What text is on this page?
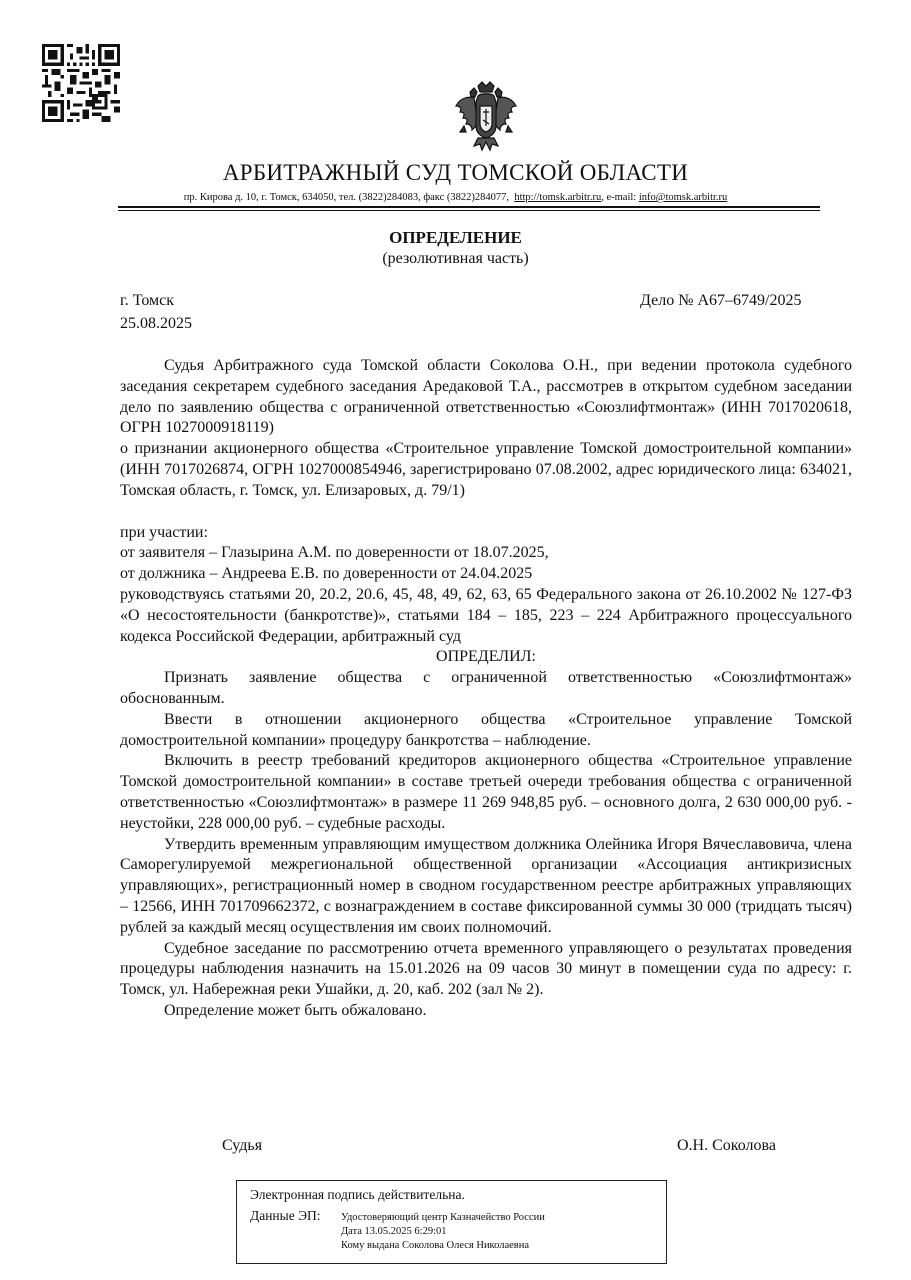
АРБИТРАЖНЫЙ СУД ТОМСКОЙ ОБЛАСТИ
пр. Кирова д. 10, г. Томск, 634050, тел. (3822)284083, факс (3822)284077, http://tomsk.arbitr.ru, e-mail: info@tomsk.arbitr.ru
ОПРЕДЕЛЕНИЕ
(резолютивная часть)
г. Томск
25.08.2025
Дело № А67–6749/2025

Судья Арбитражного суда Томской области Соколова О.Н., при ведении протокола судебного заседания секретарем судебного заседания Аредаковой Т.А., рассмотрев в открытом судебном заседании дело по заявлению общества с ограниченной ответственностью «Союзлифтмонтаж» (ИНН 7017020618, ОГРН 1027000918119)

о признании акционерного общества «Строительное управление Томской домостроительной компании» (ИНН 7017026874, ОГРН 1027000854946, зарегистрировано 07.08.2002, адрес юридического лица: 634021, Томская область, г. Томск, ул. Елизаровых, д. 79/1)

при участии:

от заявителя – Глазырина А.М. по доверенности от 18.07.2025,

от должника – Андреева Е.В. по доверенности от 24.04.2025

руководствуясь статьями 20, 20.2, 20.6, 45, 48, 49, 62, 63, 65 Федерального закона от 26.10.2002 № 127-ФЗ «О несостоятельности (банкротстве)», статьями 184 – 185, 223 – 224 Арбитражного процессуального кодекса Российской Федерации, арбитражный суд

ОПРЕДЕЛИЛ:

Признать заявление общества с ограниченной ответственностью «Союзлифтмонтаж» обоснованным.

Ввести в отношении акционерного общества «Строительное управление Томской домостроительной компании» процедуру банкротства – наблюдение.

Включить в реестр требований кредиторов акционерного общества «Строительное управление Томской домостроительной компании» в составе третьей очереди требования общества с ограниченной ответственностью «Союзлифтмонтаж» в размере 11 269 948,85 руб. – основного долга, 2 630 000,00 руб. - неустойки, 228 000,00 руб. – судебные расходы.

Утвердить временным управляющим имуществом должника Олейника Игоря Вячеславовича, члена Саморегулируемой межрегиональной общественной организации «Ассоциация антикризисных управляющих», регистрационный номер в сводном государственном реестре арбитражных управляющих – 12566, ИНН 701709662372, с вознаграждением в составе фиксированной суммы 30 000 (тридцать тысяч) рублей за каждый месяц осуществления им своих полномочий.

Судебное заседание по рассмотрению отчета временного управляющего о результатах проведения процедуры наблюдения назначить на 15.01.2026 на 09 часов 30 минут в помещении суда по адресу: г. Томск, ул. Набережная реки Ушайки, д. 20, каб. 202 (зал № 2).

Определение может быть обжаловано.

Судья	О.Н. Соколова
Электронная подпись действительна.
Данные ЭП: Удостоверяющий центр Казначейство России
Дата 13.05.2025 6:29:01
Кому выдана Соколова Олеся Николаевна
